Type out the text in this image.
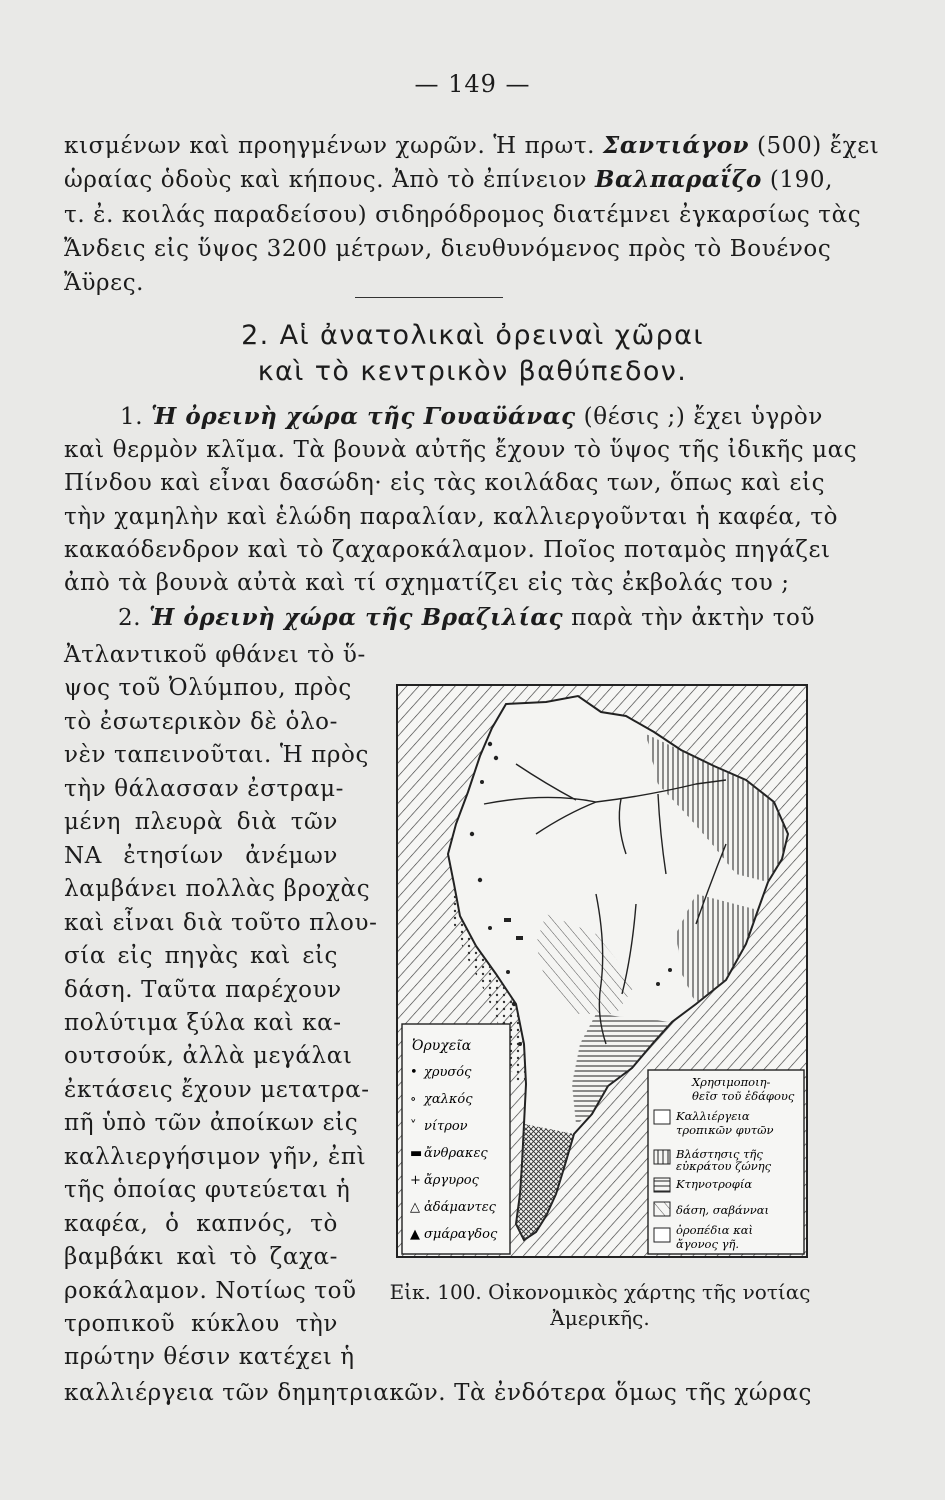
— 149 —
κισμένων καὶ προηγμένων χωρῶν. Ἡ πρωτ. Σαντιάγον (500) ἔχει
ὡραίας ὁδοὺς καὶ κήπους. Ἀπὸ τὸ ἐπίνειον Βαλπαραΐζο (190,
τ. ἐ. κοιλάς παραδείσου) σιδηρόδρομος διατέμνει ἐγκαρσίως τὰς
Ἄνδεις εἰς ὕψος 3200 μέτρων, διευθυνόμενος πρὸς τὸ Βουένος
Ἄϋρες.
2. Αἱ ἀνατολικαὶ ὀρειναὶ χῶραι
καὶ τὸ κεντρικὸν βαθύπεδον.
1. Ἡ ὀρεινὴ χώρα τῆς Γουαϋάνας (θέσις ;) ἔχει ὑγρὸν
καὶ θερμὸν κλῖμα. Τὰ βουνὰ αὐτῆς ἔχουν τὸ ὕψος τῆς ἰδικῆς μας
Πίνδου καὶ εἶναι δασώδη· εἰς τὰς κοιλάδας των, ὅπως καὶ εἰς
τὴν χαμηλὴν καὶ ἑλώδη παραλίαν, καλλιεργοῦνται ἡ καφέα, τὸ
κακαόδενδρον καὶ τὸ ζαχαροκάλαμον. Ποῖος ποταμὸς πηγάζει
ἀπὸ τὰ βουνὰ αὐτὰ καὶ τί σχηματίζει εἰς τὰς ἐκβολάς του ;
2. Ἡ ὀρεινὴ χώρα τῆς Βραζιλίας παρὰ τὴν ἀκτὴν τοῦ
Ἀτλαντικοῦ φθάνει τὸ ὕ-
ψος τοῦ Ὀλύμπου, πρὸς
τὸ ἐσωτερικὸν δὲ ὁλο-
νὲν ταπεινοῦται. Ἡ πρὸς
τὴν θάλασσαν ἐστραμ-
μένη πλευρὰ διὰ τῶν
ΝΑ ἐτησίων ἀνέμων
λαμβάνει πολλὰς βροχὰς
καὶ εἶναι διὰ τοῦτο πλου-
σία εἰς πηγὰς καὶ εἰς
δάση. Ταῦτα παρέχουν
πολύτιμα ξύλα καὶ κα-
ουτσούκ, ἀλλὰ μεγάλαι
ἐκτάσεις ἔχουν μετατρα-
πῆ ὑπὸ τῶν ἀποίκων εἰς
καλλιεργήσιμον γῆν, ἐπὶ
τῆς ὁποίας φυτεύεται ἡ
καφέα, ὁ καπνός, τὸ
βαμβάκι καὶ τὸ ζαχα-
ροκάλαμον. Νοτίως τοῦ
τροπικοῦ κύκλου τὴν
πρώτην θέσιν κατέχει ἡ
καλλιέργεια τῶν δημητριακῶν. Τὰ ἐνδότερα ὅμως τῆς χώρας
Ὀρυχεῖα
• χρυσός
∘ χαλκός
˅ νίτρον
▬ ἄνθρακες
+ ἄργυρος
△ ἀδάμαντες
▲ σμάραγδος
Χρησιμοποιη-
θεῖσ τοῦ ἐδάφους
Καλλιέργεια
τροπικῶν φυτῶν
Βλάστησις τῆς
εὐκράτου ζώνης
Κτηνοτροφία
δάση, σαβάνναι
ὀροπέδια καὶ
ἄγονος γῆ.
Εἰκ. 100. Οἰκονομικὸς χάρτης τῆς νοτίας
Ἀμερικῆς.
